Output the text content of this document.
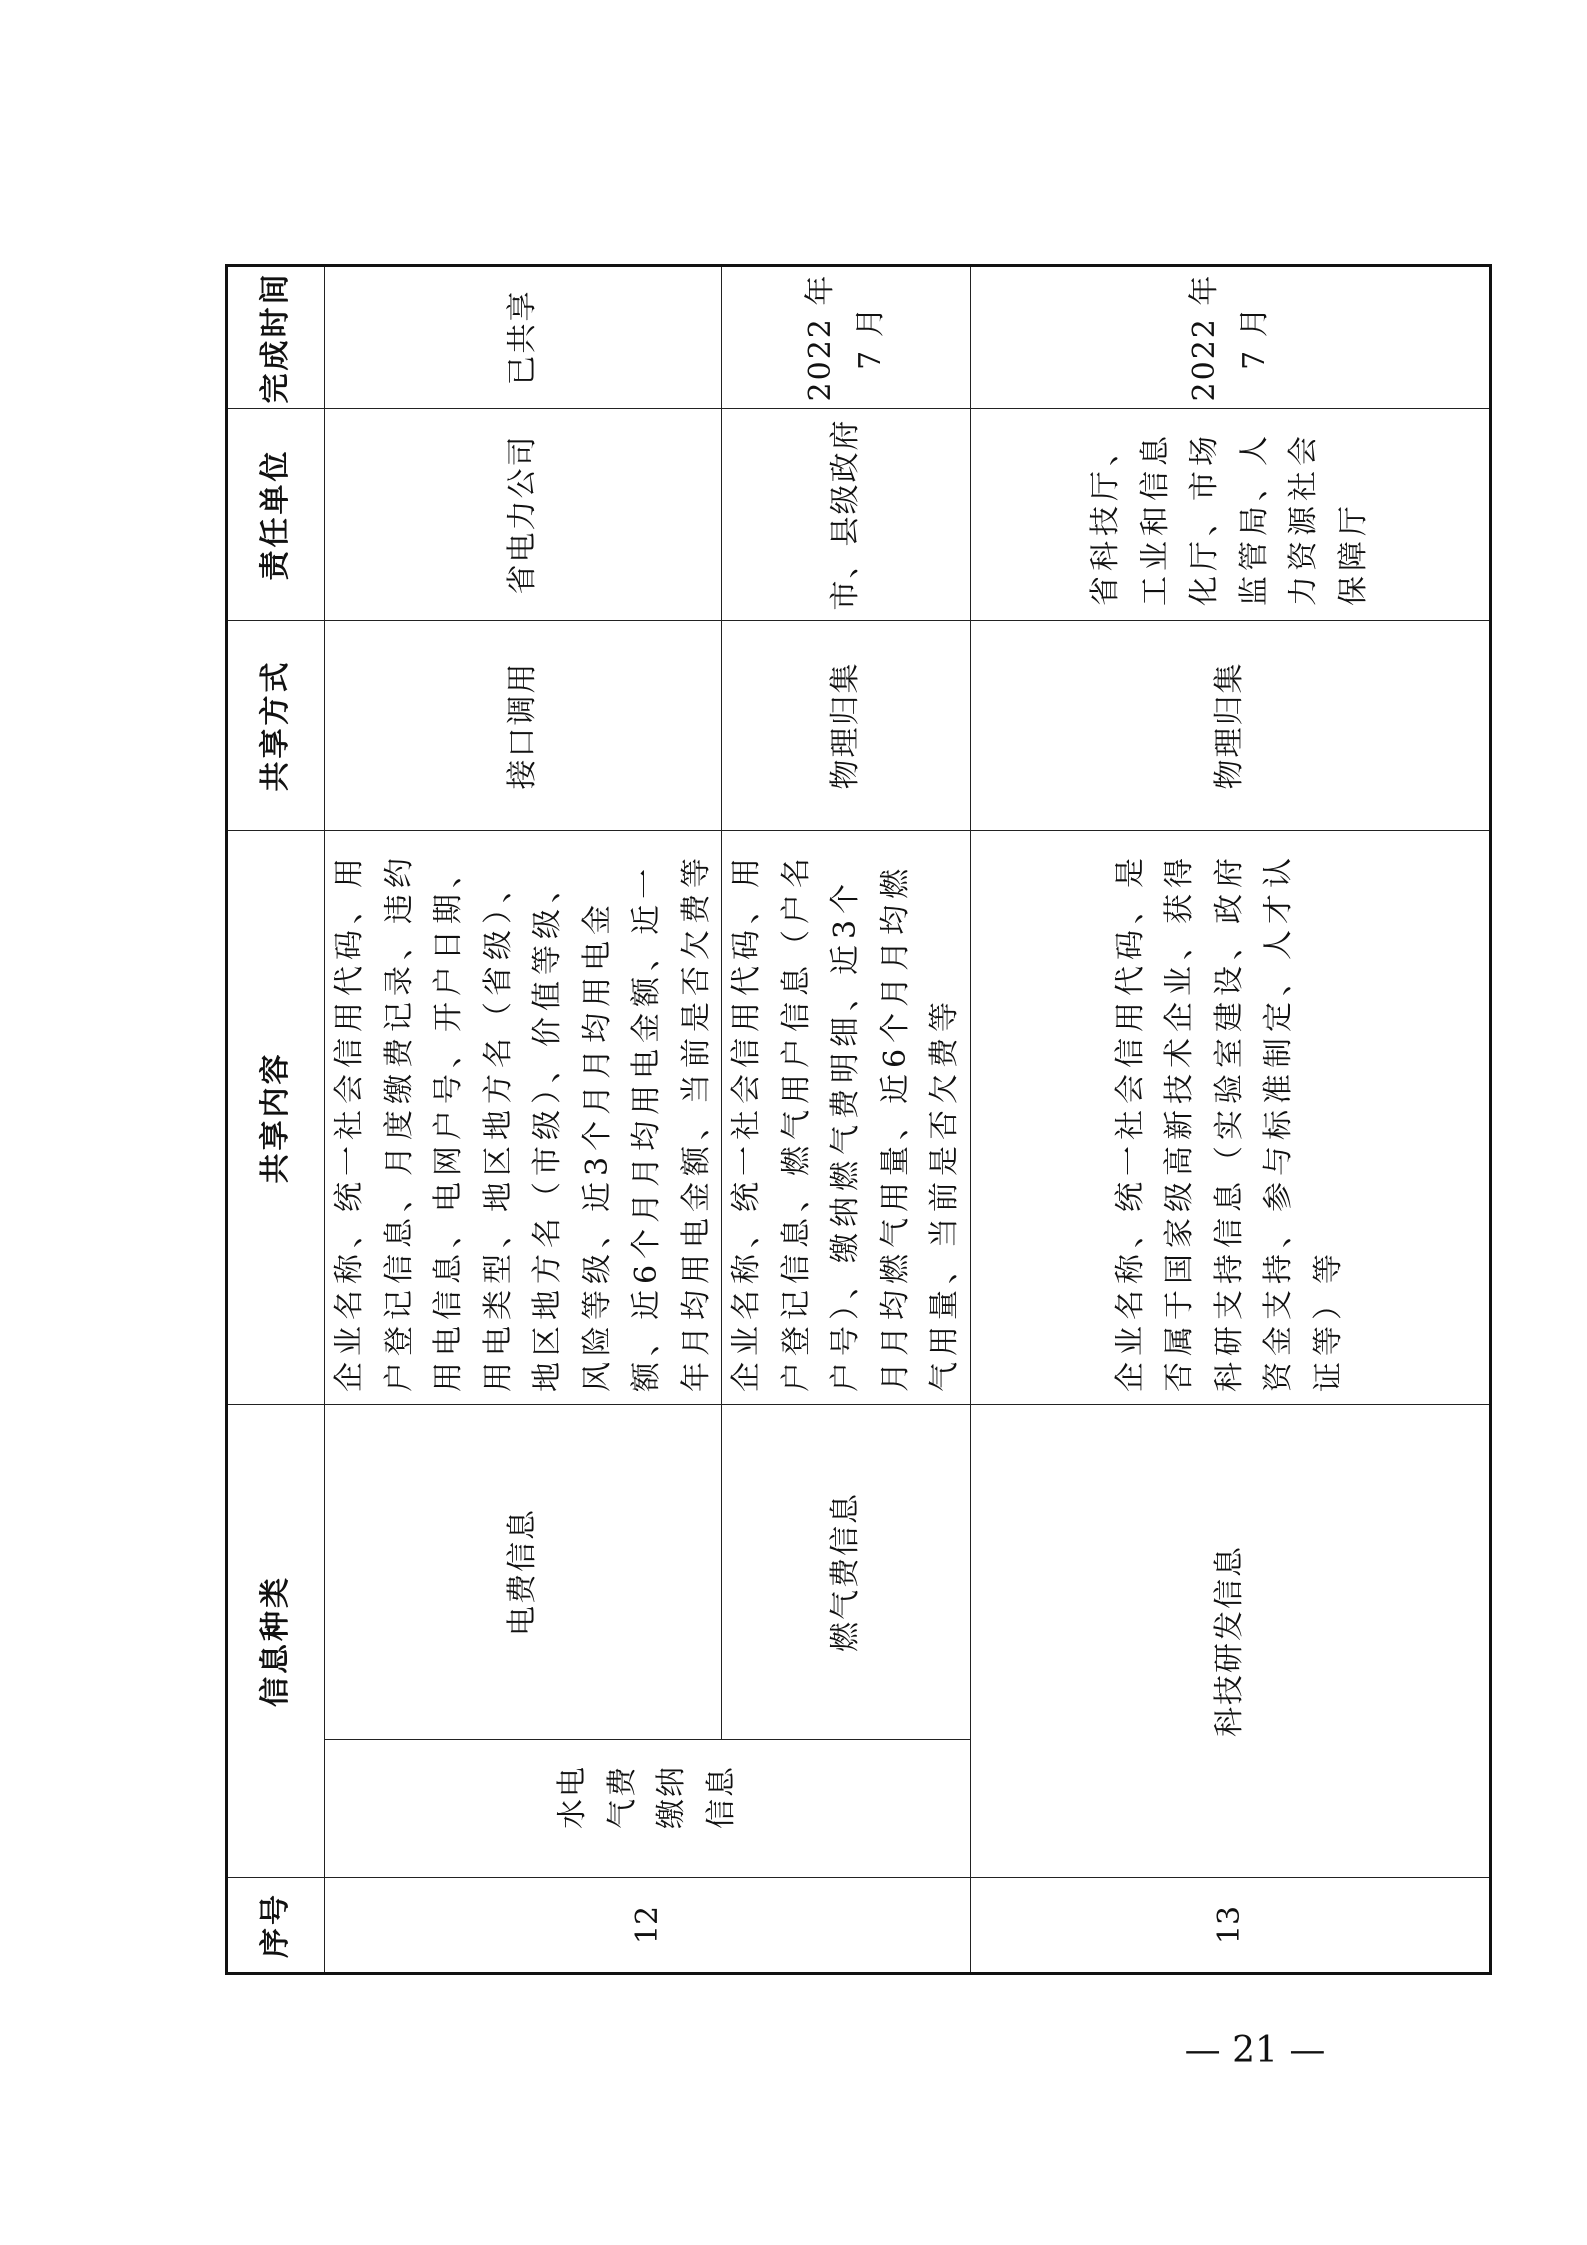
序号	信息种类		共享内容	共享方式	责任单位	完成时间
12	水电 气费 缴纳 信息	电费信息	企业名称、统一社会信用代码、用户登记信息、月度缴费记录、违约用电信息、电网户号、开户日期、用电类型、地区地方名（省级）、地区地方名（市级）、价值等级、风险等级、近3个月月均用电金额、近6个月月均用电金额、近一年月均用电金额、当前是否欠费等	接口调用	省电力公司	已共享
		燃气费信息	企业名称、统一社会信用代码、用户登记信息、燃气用户信息（户名户号）、缴纳燃气费明细、近3个月月均燃气用量、近6个月月均燃气用量、当前是否欠费等	物理归集	市、县级政府	2022 年 7 月
13	科技研发信息		企业名称、统一社会信用代码、是否属于国家级高新技术企业、获得科研支持信息（实验室建设、政府资金支持、参与标准制定、人才认证等）等	物理归集	省科技厅、工业和信息化厅、市场监管局、人力资源社会保障厅	2022 年 7 月
— 21 —
